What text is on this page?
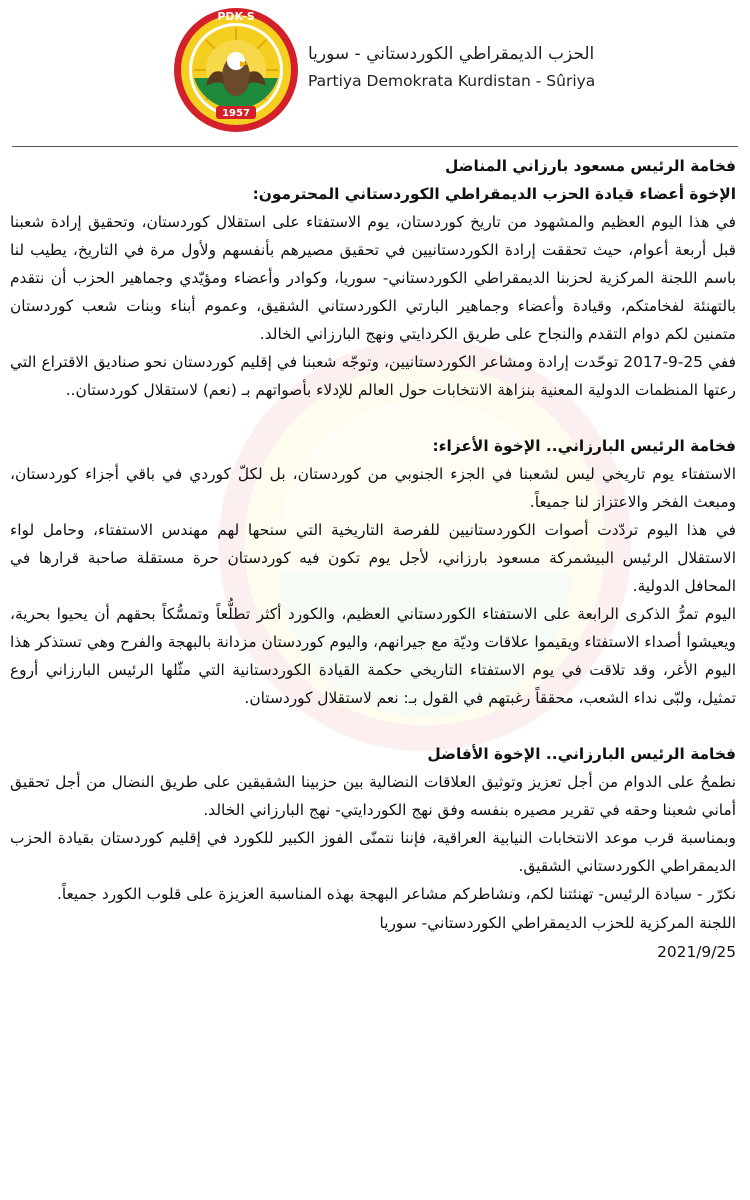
1957
PDK-S
الحزب الديمقراطي الكوردستاني - سوريا
Partiya Demokrata Kurdistan - Sûriya

فخامة الرئيس مسعود بارزاني المناضل

الإخوة أعضاء قيادة الحزب الديمقراطي الكوردستاني المحترمون:

في هذا اليوم العظيم والمشهود من تاريخ كوردستان، يوم الاستفتاء على استقلال كوردستان، وتحقيق إرادة شعبنا قبل أربعة أعوام، حيث تحققت إرادة الكوردستانيين في تحقيق مصيرهم بأنفسهم ولأول مرة في التاريخ، يطيب لنا باسم اللجنة المركزية لحزبنا الديمقراطي الكوردستاني- سوريا، وكوادر وأعضاء ومؤيّدي وجماهير الحزب أن نتقدم بالتهنئة لفخامتكم، وقيادة وأعضاء وجماهير البارتي الكوردستاني الشقيق، وعموم أبناء وبنات شعب كوردستان متمنين لكم دوام التقدم والنجاح على طريق الكردايتي ونهج البارزاني الخالد.

ففي 25-9-2017 توحّدت إرادة ومشاعر الكوردستانيين، وتوجّه شعبنا في إقليم كوردستان نحو صناديق الاقتراع التي رعتها المنظمات الدولية المعنية بنزاهة الانتخابات حول العالم للإدلاء بأصواتهم بـ (نعم) لاستقلال كوردستان..

فخامة الرئيس البارزاني.. الإخوة الأعزاء:

الاستفتاء يوم تاريخي ليس لشعبنا في الجزء الجنوبي من كوردستان، بل لكلّ كوردي في باقي أجزاء كوردستان، ومبعث الفخر والاعتزاز لنا جميعاً.

في هذا اليوم تردّدت أصوات الكوردستانيين للفرصة التاريخية التي سنحها لهم مهندس الاستفتاء، وحامل لواء الاستقلال الرئيس البيشمركة مسعود بارزاني، لأجل يوم تكون فيه كوردستان حرة مستقلة صاحبة قرارها في المحافل الدولية.

اليوم تمرُّ الذكرى الرابعة على الاستفتاء الكوردستاني العظيم، والكورد أكثر تطلُّعاً وتمسُّكاً بحقهم أن يحيوا بحرية، ويعيشوا أصداء الاستفتاء ويقيموا علاقات وديّة مع جيرانهم، واليوم كوردستان مزدانة بالبهجة والفرح وهي تستذكر هذا اليوم الأغر، وقد تلاقت في يوم الاستفتاء التاريخي حكمة القيادة الكوردستانية التي مثّلها الرئيس البارزاني أروع تمثيل، ولبّى نداء الشعب، محققاً رغبتهم في القول بـ: نعم لاستقلال كوردستان.

فخامة الرئيس البارزاني.. الإخوة الأفاضل

نطمحُ على الدوام من أجل تعزيز وتوثيق العلاقات النضالية بين حزبينا الشقيقين على طريق النضال من أجل تحقيق أماني شعبنا وحقه في تقرير مصيره بنفسه وفق نهج الكوردايتي- نهج البارزاني الخالد.

وبمناسبة قرب موعد الانتخابات النيابية العراقية، فإننا نتمنّى الفوز الكبير للكورد في إقليم كوردستان بقيادة الحزب الديمقراطي الكوردستاني الشقيق.

نكرّر - سيادة الرئيس- تهنئتنا لكم، ونشاطركم مشاعر البهجة بهذه المناسبة العزيزة على قلوب الكورد جميعاً.

اللجنة المركزية للحزب الديمقراطي الكوردستاني- سوريا

2021/9/25
